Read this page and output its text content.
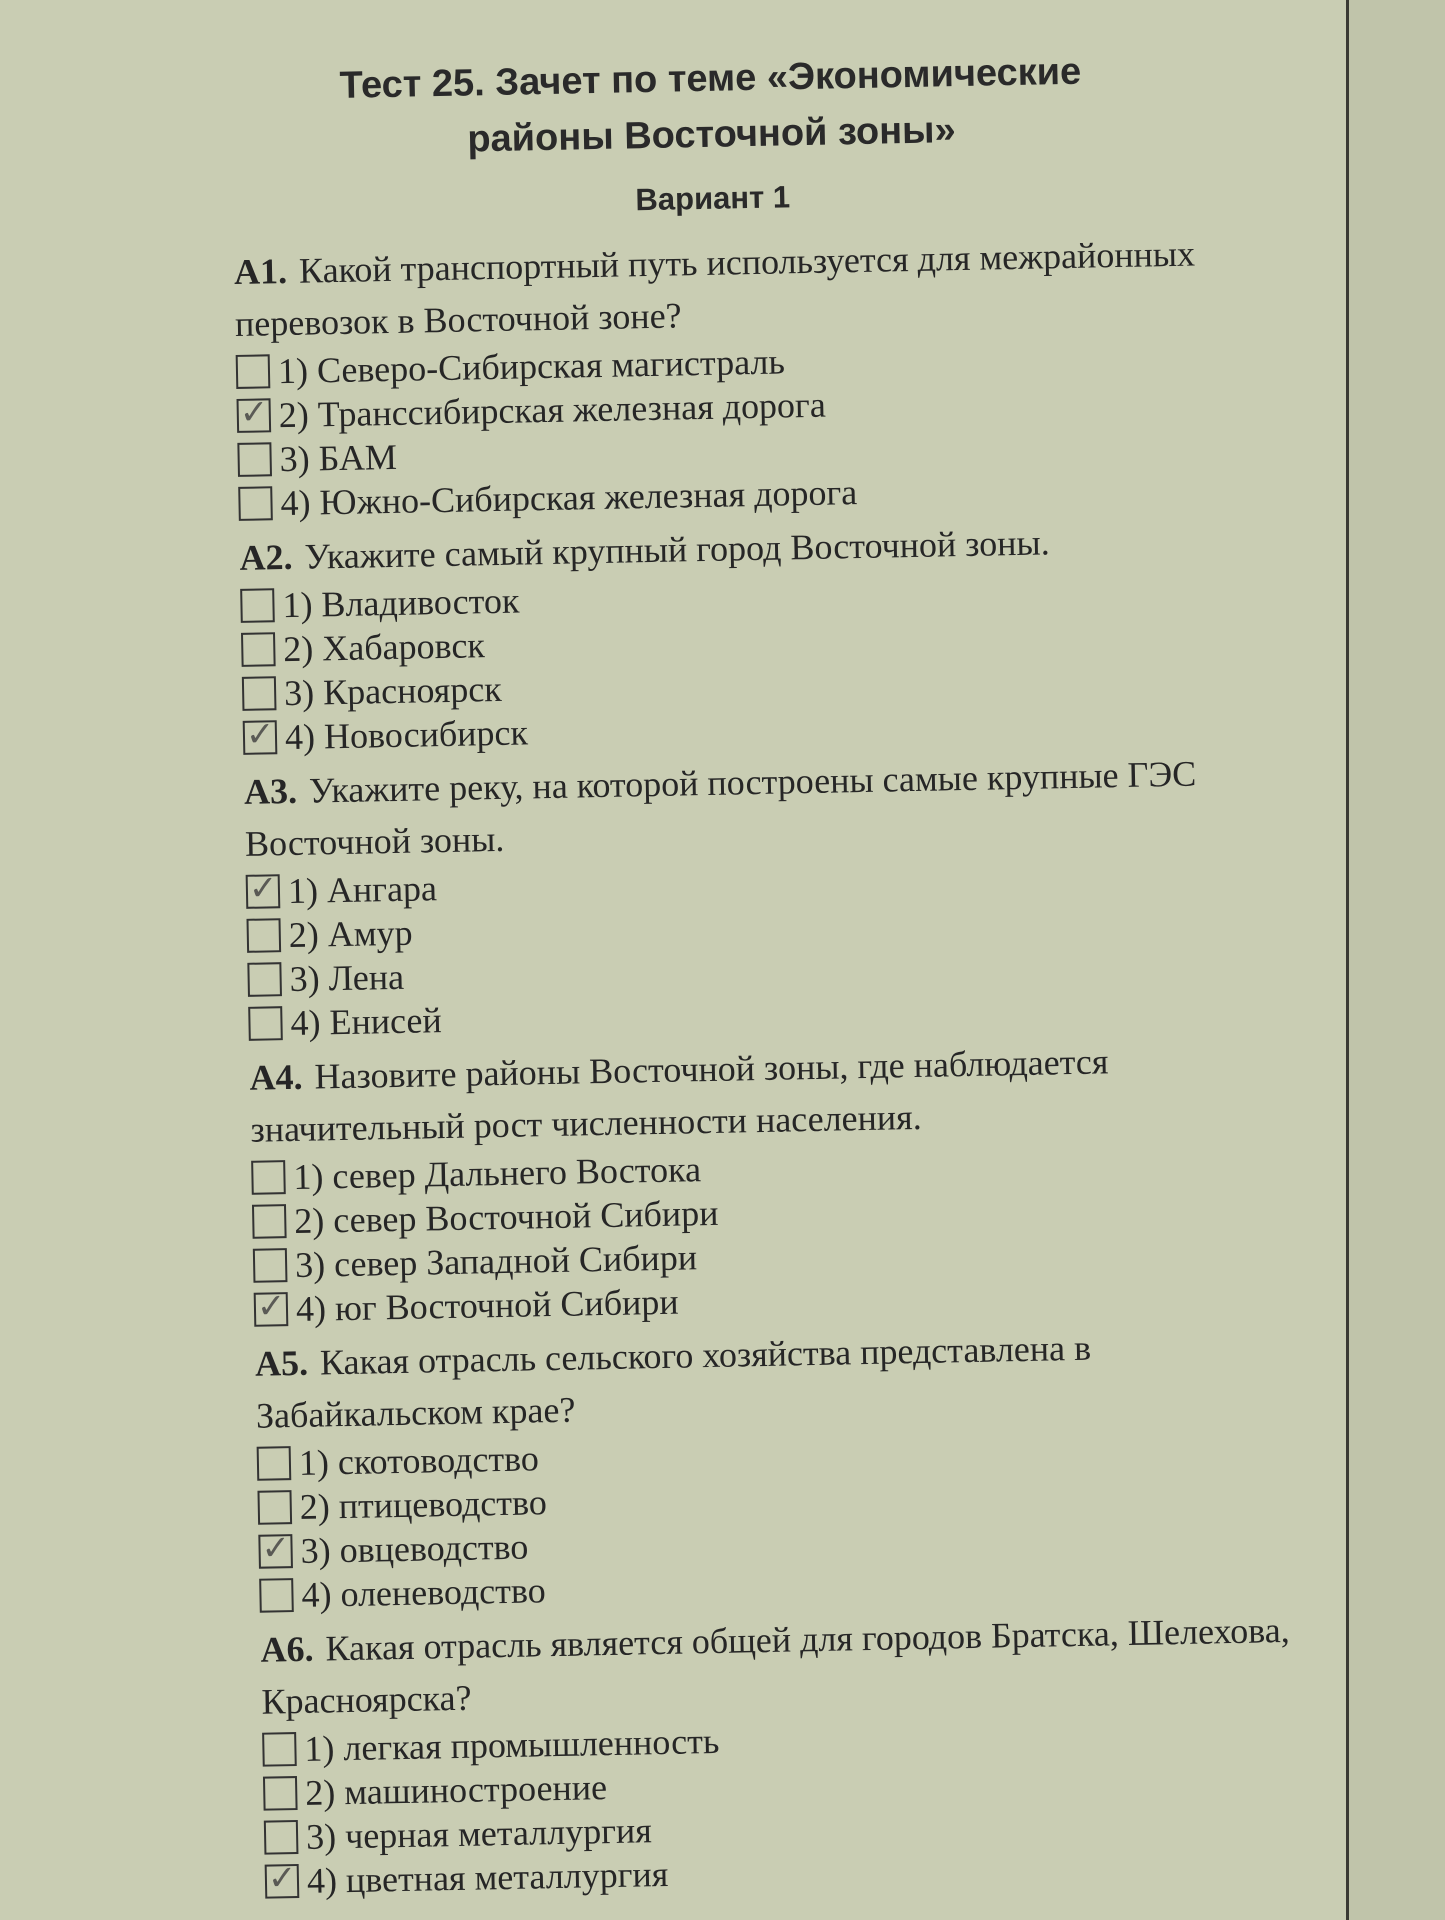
Тест 25. Зачет по теме «Экономические
районы Восточной зоны»
Вариант 1

А1. Какой транспортный путь используется для межрайонных перевозок в Восточной зоне?

1) Северо-Сибирская магистраль
✓
2) Транссибирская железная дорога
3) БАМ
4) Южно-Сибирская железная дорога

А2. Укажите самый крупный город Восточной зоны.

1) Владивосток
2) Хабаровск
3) Красноярск
✓
4) Новосибирск

А3. Укажите реку, на которой построены самые крупные ГЭС Восточной зоны.

✓
1) Ангара
2) Амур
3) Лена
4) Енисей

А4. Назовите районы Восточной зоны, где наблюдается значительный рост численности населения.

1) север Дальнего Востока
2) север Восточной Сибири
3) север Западной Сибири
✓
4) юг Восточной Сибири

А5. Какая отрасль сельского хозяйства представлена в Забайкальском крае?

1) скотоводство
2) птицеводство
✓
3) овцеводство
4) оленеводство

А6. Какая отрасль является общей для городов Братска, Шелехова, Красноярска?

1) легкая промышленность
2) машиностроение
3) черная металлургия
✓
4) цветная металлургия
